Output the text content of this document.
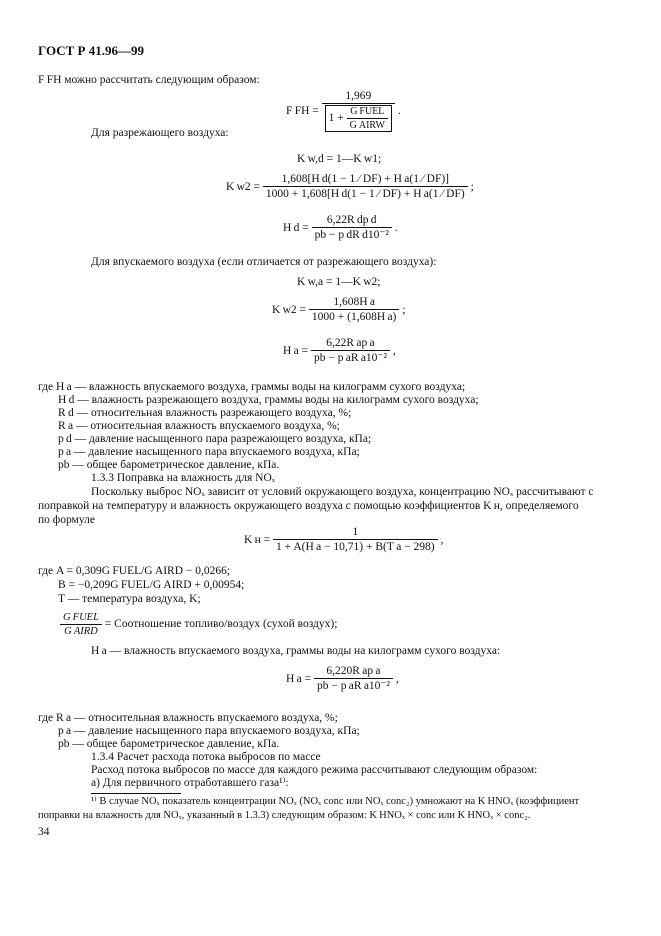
ГОСТ Р 41.96—99
F FH можно рассчитать следующим образом:
F FH = $\frac{1,969}{1 + \frac{\text{G FUEL}}{\text{G AIRW}}}$ .
Для разрежающего воздуха:
K w,d = 1—K w1;
K $w2 = \frac{\text{1,608[H d(1 − 1 ⁄ DF) + H a(1 ⁄ DF)]}}{\text{1000 + 1,608[H d(1 − 1 ⁄ DF) + H a(1 ⁄ DF)}}$ ;
H $d = \frac{\text{6,22R dp d}}{\text{pb − p dR d10⁻²}}$ .
Для впускаемого воздуха (если отличается от разрежающего воздуха):
K w,a = 1—K w2;
K $w2 = \frac{\text{1,608H a}}{\text{1000 + (1,608H a)}}$ ;
H $a = \frac{\text{6,22R ap a}}{\text{pb − p aR a10⁻²}}$ ,
где H a — влажность впускаемого воздуха, граммы воды на килограмм сухого воздуха;
H d — влажность разрежающего воздуха, граммы воды на килограмм сухого воздуха;
R d — относительная влажность разрежающего воздуха, %;
R a — относительная влажность впускаемого воздуха, %;
p d — давление насыщенного пара разрежающего воздуха, кПа;
p a — давление насыщенного пара впускаемого воздуха, кПа;
pb — общее барометрическое давление, кПа.
1.3.3 Поправка на влажность для NOₓ
Поскольку выброс NOₓ зависит от условий окружающего воздуха, концентрацию NOₓ рассчитывают с
поправкой на температуру и влажность окружающего воздуха с помощью коэффициентов K н, определяемого
по формуле
K $н = \frac{1}{\text{1 + A(H a − 10,71) + B(T a − 298)}}$ ,
где A = 0,309G FUEL/G AIRD − 0,0266;
B = −0,209G FUEL/G AIRD + 0,00954;
T — температура воздуха, K;
$\frac{\text{G FUEL}}{\text{G AIRD}}$ = Соотношение топливо/воздух (сухой воздух);
H a — влажность впускаемого воздуха, граммы воды на килограмм сухого воздуха:
H $a = \frac{\text{6,220R ap a}}{\text{pb − p aR a10⁻²}}$ ,
где R a — относительная влажность впускаемого воздуха, %;
p a — давление насыщенного пара впускаемого воздуха, кПа;
pb — общее барометрическое давление, кПа.
1.3.4 Расчет расхода потока выбросов по массе
Расход потока выбросов по массе для каждого режима рассчитывают следующим образом:
а) Для первичного отработавшего газа¹⁾:
¹⁾ В случае NOₓ показатель концентрации NOₓ (NOₓ conc или NOₓ conc₂) умножают на K HNOₓ (коэффициент
поправки на влажность для NOₓ, указанный в 1.3.3) следующим образом: K HNOₓ × conc или K HNOₓ × conc₂.
34
